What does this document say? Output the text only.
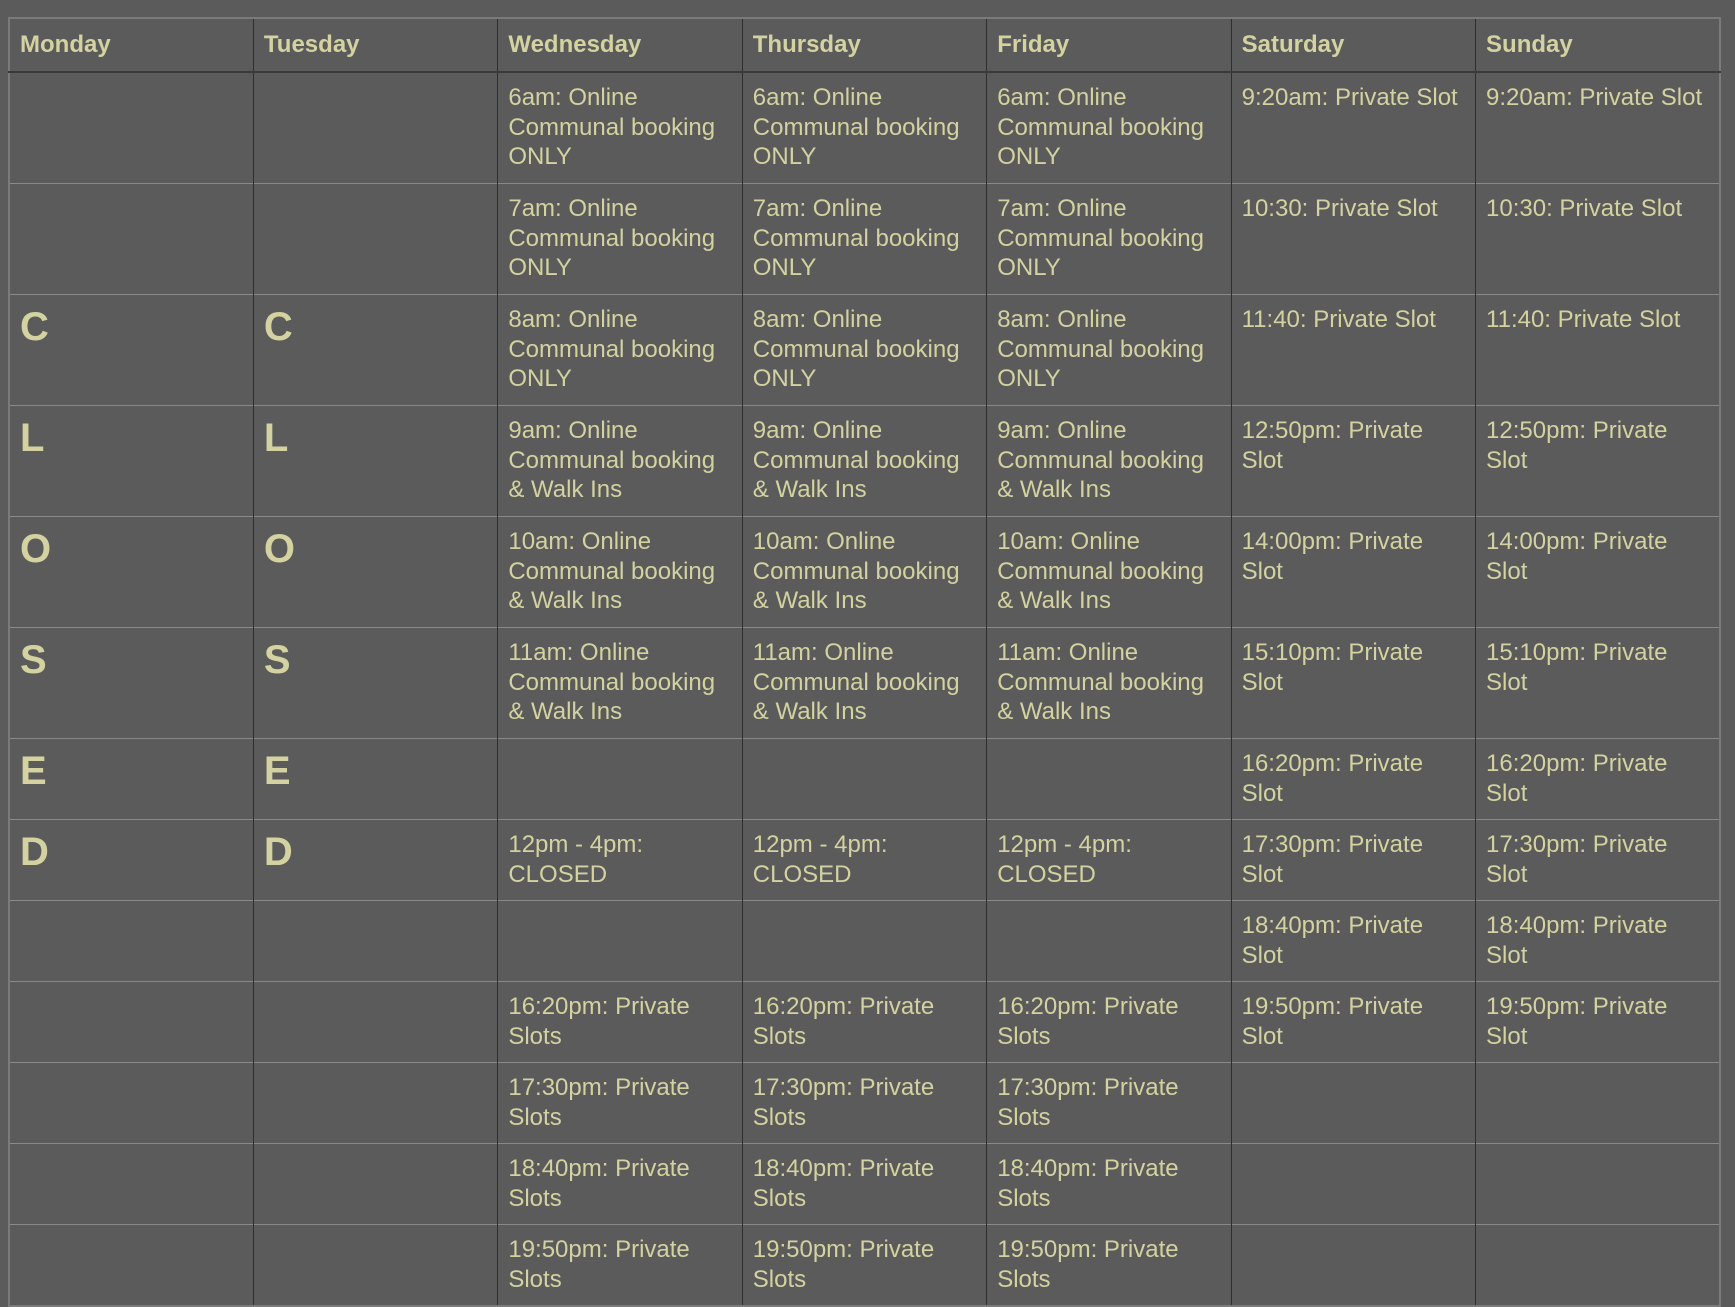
Monday	Tuesday	Wednesday	Thursday	Friday	Saturday	Sunday
		6am: Online Communal booking ONLY	6am: Online Communal booking ONLY	6am: Online Communal booking ONLY	9:20am: Private Slot	9:20am: Private Slot
		7am: Online Communal booking ONLY	7am: Online Communal booking ONLY	7am: Online Communal booking ONLY	10:30: Private Slot	10:30: Private Slot
C	C	8am: Online Communal booking ONLY	8am: Online Communal booking ONLY	8am: Online Communal booking ONLY	11:40: Private Slot	11:40: Private Slot
L	L	9am: Online Communal booking & Walk Ins	9am: Online Communal booking & Walk Ins	9am: Online Communal booking & Walk Ins	12:50pm: Private Slot	12:50pm: Private Slot
O	O	10am: Online Communal booking & Walk Ins	10am: Online Communal booking & Walk Ins	10am: Online Communal booking & Walk Ins	14:00pm: Private Slot	14:00pm: Private Slot
S	S	11am: Online Communal booking & Walk Ins	11am: Online Communal booking & Walk Ins	11am: Online Communal booking & Walk Ins	15:10pm: Private Slot	15:10pm: Private Slot
E	E				16:20pm: Private Slot	16:20pm: Private Slot
D	D	12pm - 4pm: CLOSED	12pm - 4pm: CLOSED	12pm - 4pm: CLOSED	17:30pm: Private Slot	17:30pm: Private Slot
					18:40pm: Private Slot	18:40pm: Private Slot
		16:20pm: Private Slots	16:20pm: Private Slots	16:20pm: Private Slots	19:50pm: Private Slot	19:50pm: Private Slot
		17:30pm: Private Slots	17:30pm: Private Slots	17:30pm: Private Slots		
		18:40pm: Private Slots	18:40pm: Private Slots	18:40pm: Private Slots		
		19:50pm: Private Slots	19:50pm: Private Slots	19:50pm: Private Slots		
